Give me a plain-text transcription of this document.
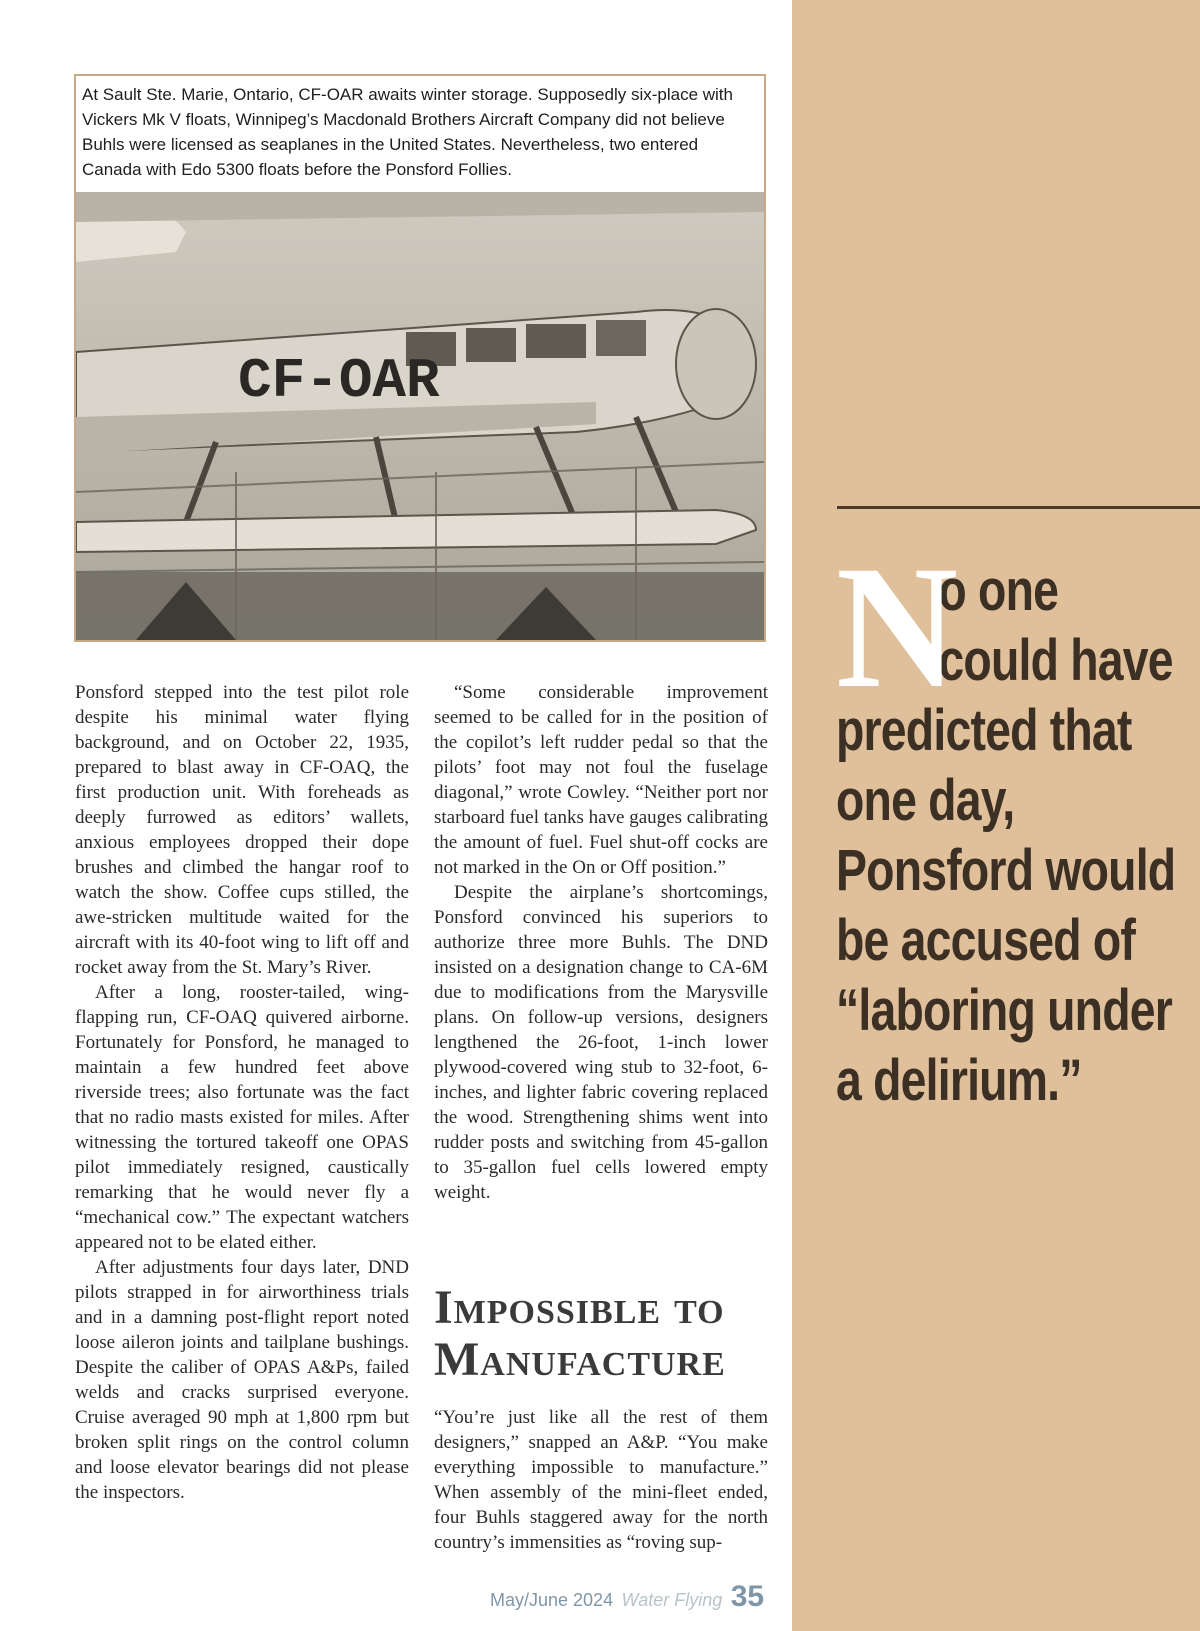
N
o one could have predicted that one day, Ponsford would be accused of “laboring under a delirium.”
At Sault Ste. Marie, Ontario, CF-OAR awaits winter storage. Supposedly six-place with Vickers Mk V floats, Winnipeg’s Macdonald Brothers Aircraft Company did not believe Buhls were licensed as seaplanes in the United States. Nevertheless, two entered Canada with Edo 5300 floats before the Ponsford Follies.
CF-OAR

Ponsford stepped into the test pilot role despite his minimal water flying background, and on October 22, 1935, prepared to blast away in CF-OAQ, the first production unit. With foreheads as deeply furrowed as editors’ wallets, anxious employees dropped their dope brushes and climbed the hangar roof to watch the show. Coffee cups stilled, the awe-stricken multitude waited for the aircraft with its 40-foot wing to lift off and rocket away from the St. Mary’s River.

After a long, rooster-tailed, wing-flapping run, CF-OAQ quivered airborne. Fortunately for Ponsford, he managed to maintain a few hundred feet above riverside trees; also fortunate was the fact that no radio masts existed for miles. After witnessing the tortured takeoff one OPAS pilot immediately resigned, caustically remarking that he would never fly a “mechanical cow.” The expectant watchers appeared not to be elated either.

After adjustments four days later, DND pilots strapped in for airworthiness trials and in a damning post-flight report noted loose aileron joints and tailplane bushings. Despite the caliber of OPAS A&Ps, failed welds and cracks surprised everyone. Cruise averaged 90 mph at 1,800 rpm but broken split rings on the control column and loose elevator bearings did not please the inspectors.

“Some considerable improvement seemed to be called for in the position of the copilot’s left rudder pedal so that the pilots’ foot may not foul the fuselage diagonal,” wrote Cowley. “Neither port nor starboard fuel tanks have gauges calibrating the amount of fuel. Fuel shut-off cocks are not marked in the On or Off position.”

Despite the airplane’s shortcomings, Ponsford convinced his superiors to authorize three more Buhls. The DND insisted on a designation change to CA-6M due to modifications from the Marysville plans. On follow-up versions, designers lengthened the 26-foot, 1-inch lower plywood-covered wing stub to 32-foot, 6-inches, and lighter fabric covering replaced the wood. Strengthening shims went into rudder posts and switching from 45-gallon to 35-gallon fuel cells lowered empty weight.

Impossible to
Manufacture

“You’re just like all the rest of them designers,” snapped an A&P. “You make everything impossible to manufacture.” When assembly of the mini-fleet ended, four Buhls staggered away for the north country’s immensities as “roving sup-

May/June 2024 Water Flying 35
